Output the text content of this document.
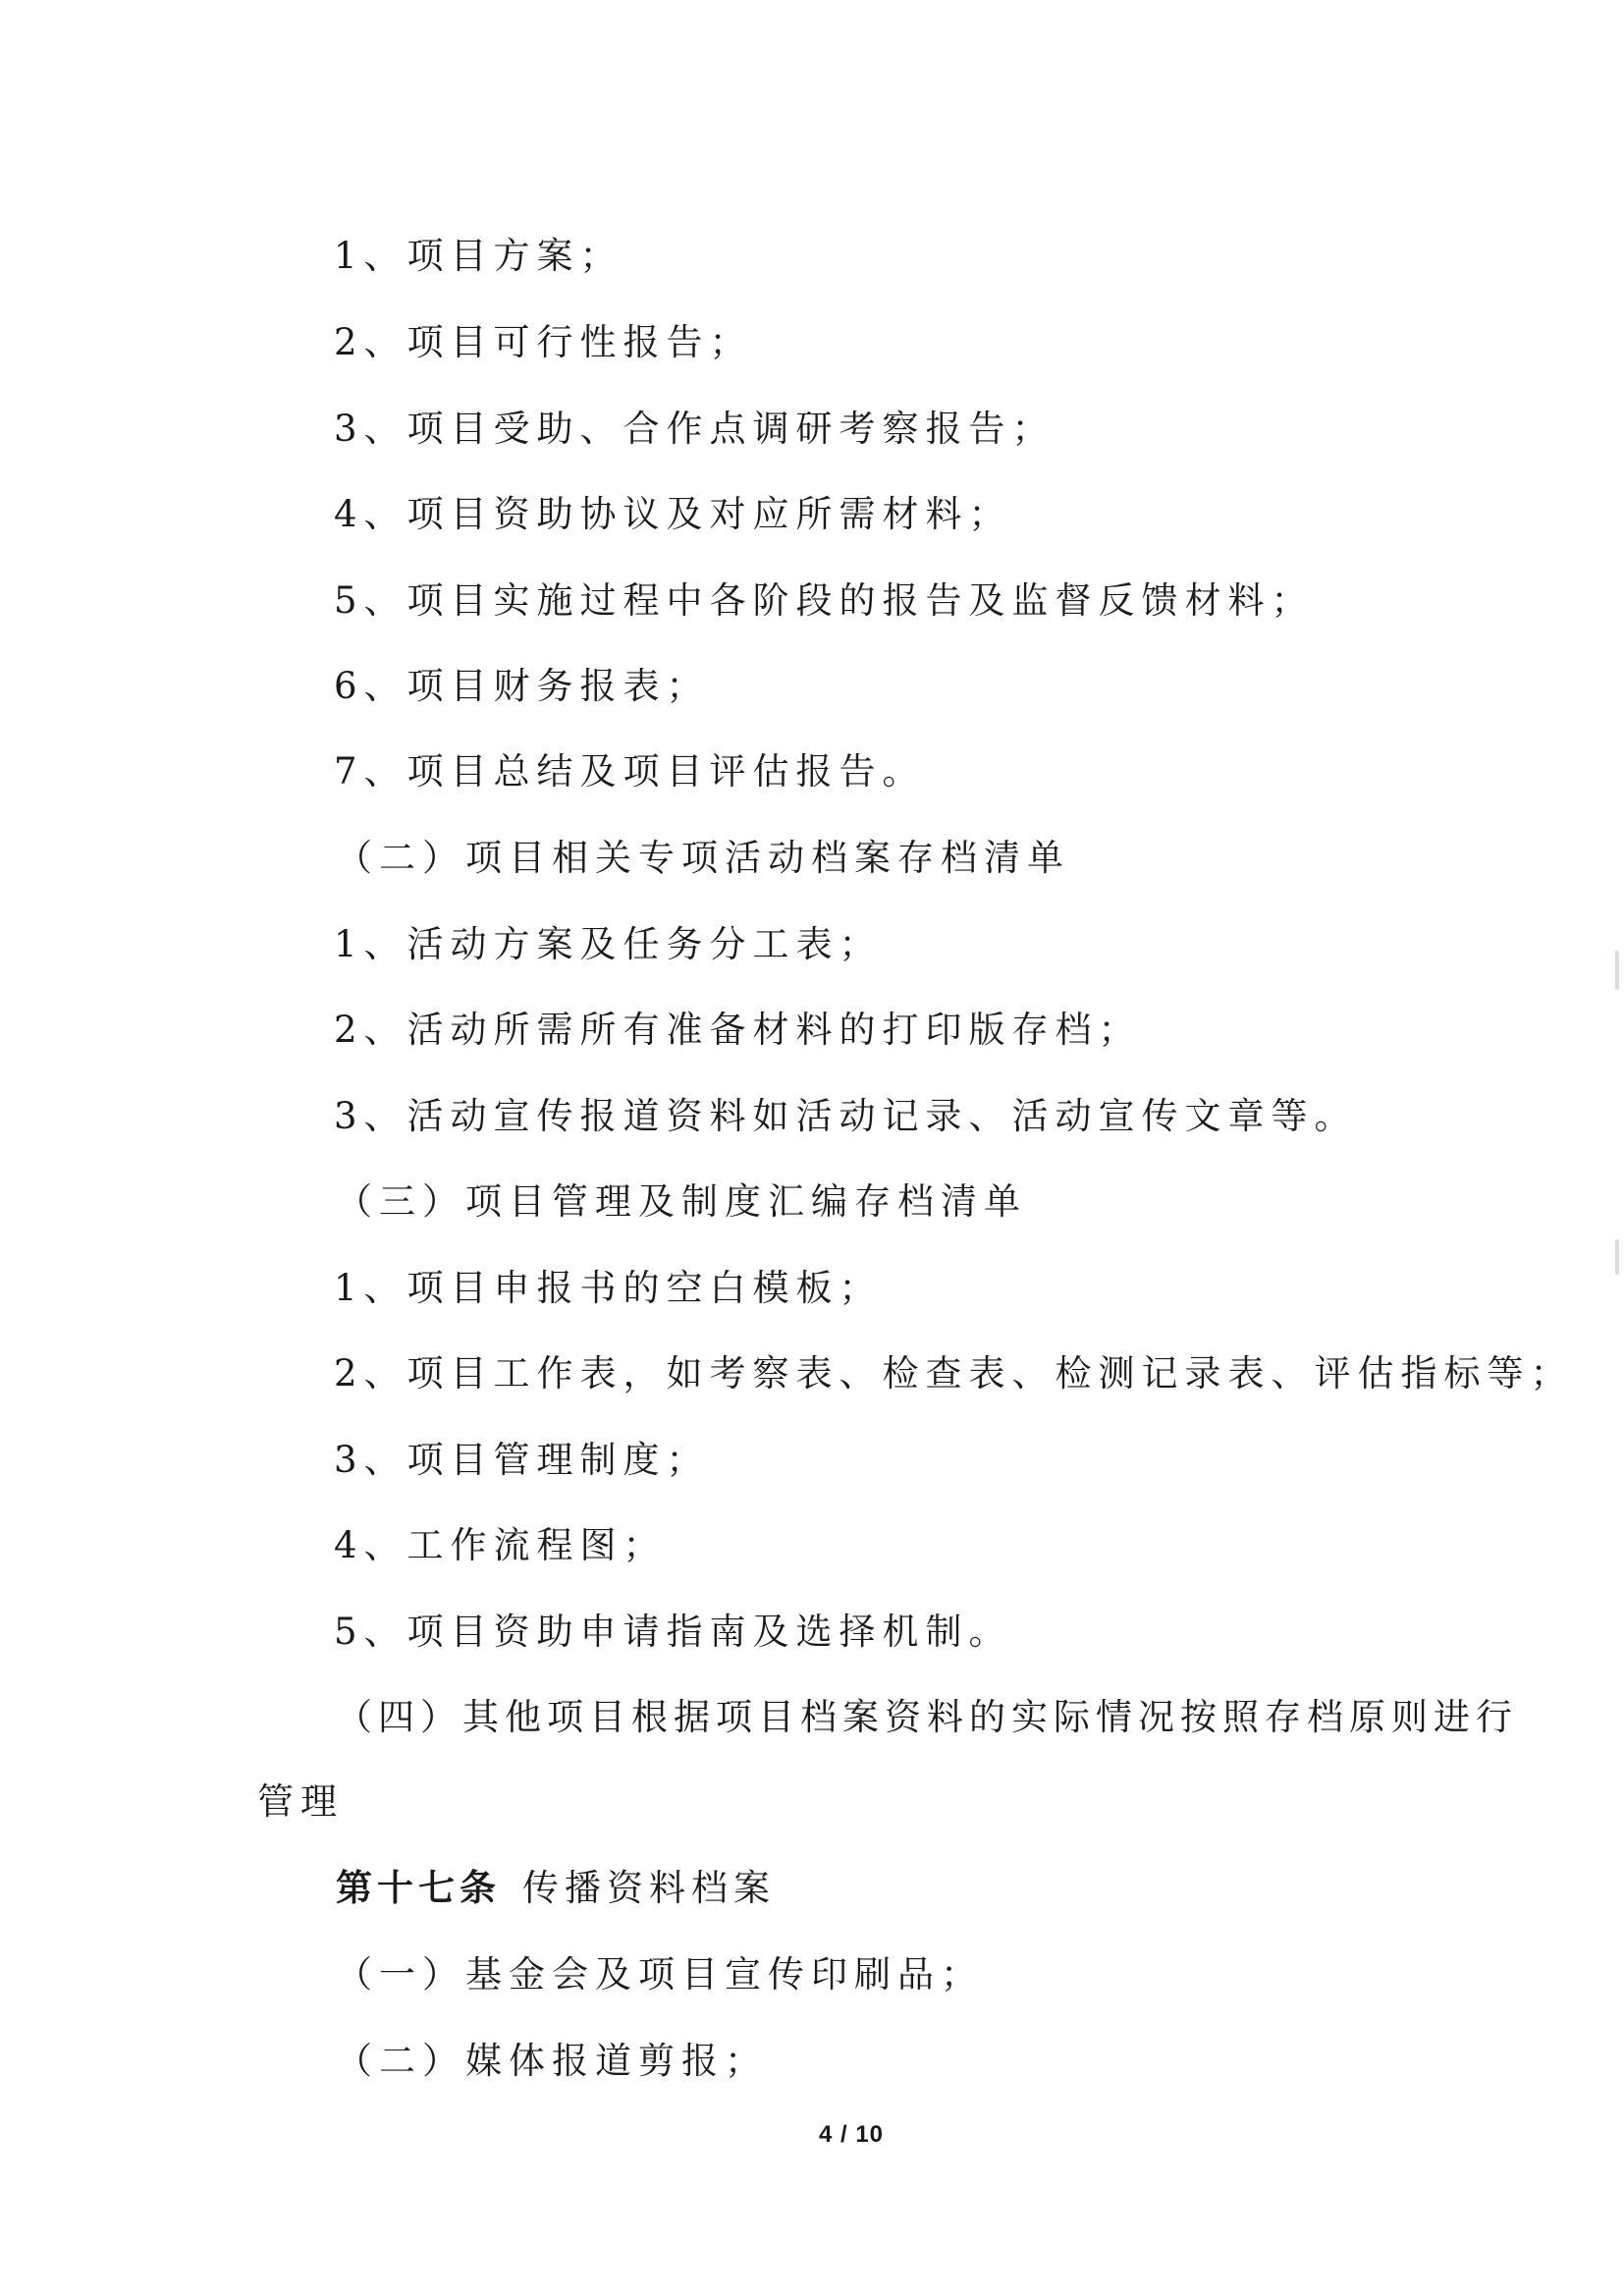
1、项目方案；
2、项目可行性报告；
3、项目受助、合作点调研考察报告；
4、项目资助协议及对应所需材料；
5、项目实施过程中各阶段的报告及监督反馈材料；
6、项目财务报表；
7、项目总结及项目评估报告。
（二）项目相关专项活动档案存档清单
1、活动方案及任务分工表；
2、活动所需所有准备材料的打印版存档；
3、活动宣传报道资料如活动记录、活动宣传文章等。
（三）项目管理及制度汇编存档清单
1、项目申报书的空白模板；
2、项目工作表，如考察表、检查表、检测记录表、评估指标等；
3、项目管理制度；
4、工作流程图；
5、项目资助申请指南及选择机制。
（四）其他项目根据项目档案资料的实际情况按照存档原则进行
管理
第十七条 传播资料档案
（一）基金会及项目宣传印刷品；
（二）媒体报道剪报；
4 / 10
